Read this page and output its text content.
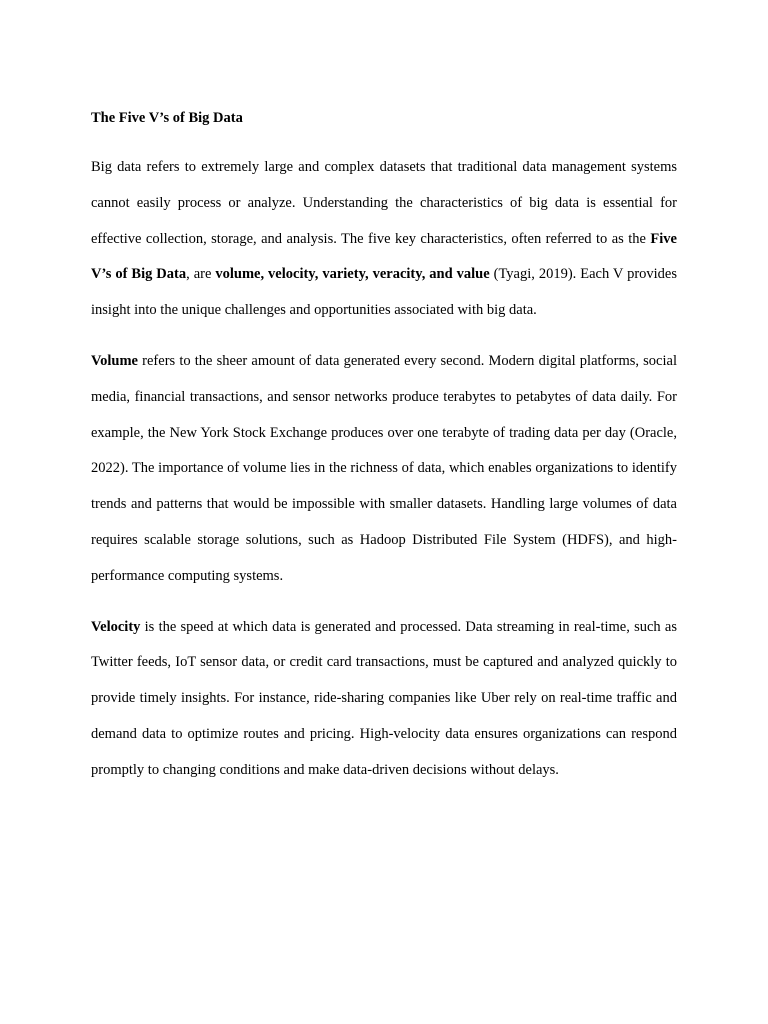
The Five V’s of Big Data

Big data refers to extremely large and complex datasets that traditional data management systems cannot easily process or analyze. Understanding the characteristics of big data is essential for effective collection, storage, and analysis. The five key characteristics, often referred to as the Five V’s of Big Data, are volume, velocity, variety, veracity, and value (Tyagi, 2019). Each V provides insight into the unique challenges and opportunities associated with big data.

Volume refers to the sheer amount of data generated every second. Modern digital platforms, social media, financial transactions, and sensor networks produce terabytes to petabytes of data daily. For example, the New York Stock Exchange produces over one terabyte of trading data per day (Oracle, 2022). The importance of volume lies in the richness of data, which enables organizations to identify trends and patterns that would be impossible with smaller datasets. Handling large volumes of data requires scalable storage solutions, such as Hadoop Distributed File System (HDFS), and high-performance computing systems.

Velocity is the speed at which data is generated and processed. Data streaming in real-time, such as Twitter feeds, IoT sensor data, or credit card transactions, must be captured and analyzed quickly to provide timely insights. For instance, ride-sharing companies like Uber rely on real-time traffic and demand data to optimize routes and pricing. High-velocity data ensures organizations can respond promptly to changing conditions and make data-driven decisions without delays.
